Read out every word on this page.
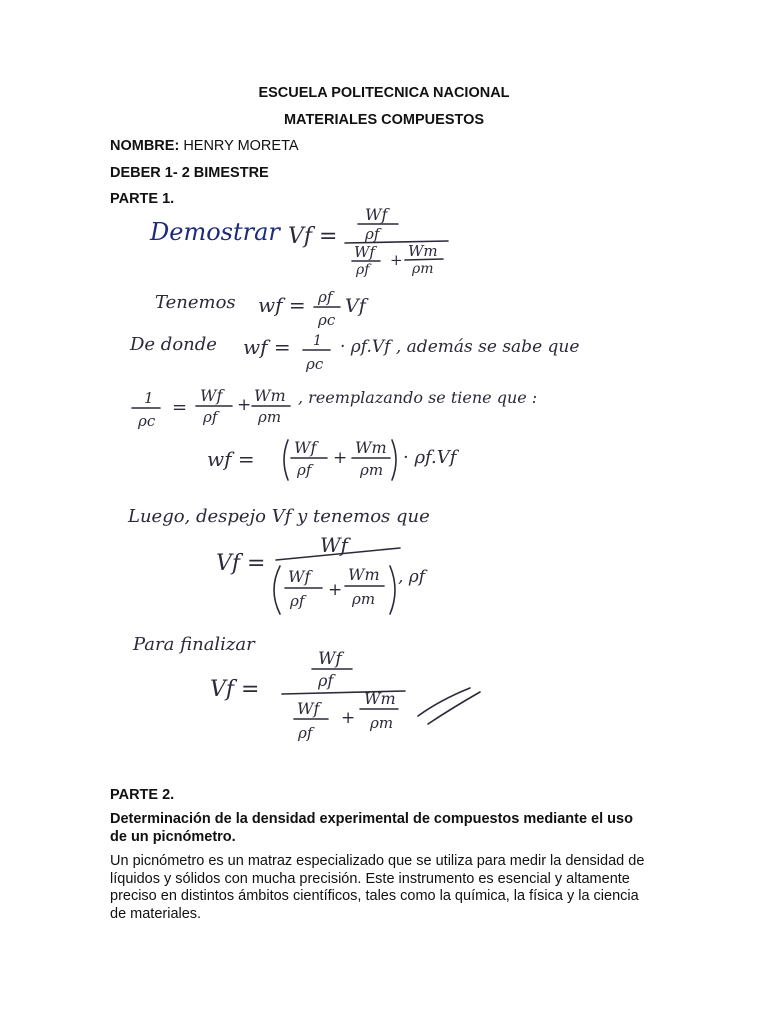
ESCUELA POLITECNICA NACIONAL
MATERIALES COMPUESTOS
NOMBRE: HENRY MORETA
DEBER 1- 2 BIMESTRE
PARTE 1.
Demostrar Vf =
Wf
ρf
Wf
ρf
+ Wm
ρm
Tenemos wf = ρf
ρc
Vf
De donde wf = 1
ρc
· ρf.Vf , además se sabe que
1
ρc
=
Wf
ρf
+ Wm
ρm
, reemplazando se tiene que :
wf = Wf
ρf
+
Wm
ρm
· ρf.Vf
Luego, despejo Vf y tenemos que
Vf =
Wf
Wf
ρf
+
Wm
ρm
, ρf
Para finalizar
Vf =
Wf
ρf
Wf
ρf
+
Wm
ρm
PARTE 2.
Determinación de la densidad experimental de compuestos mediante el uso de un picnómetro.
Un picnómetro es un matraz especializado que se utiliza para medir la densidad de líquidos y sólidos con mucha precisión. Este instrumento es esencial y altamente preciso en distintos ámbitos científicos, tales como la química, la física y la ciencia de materiales.
